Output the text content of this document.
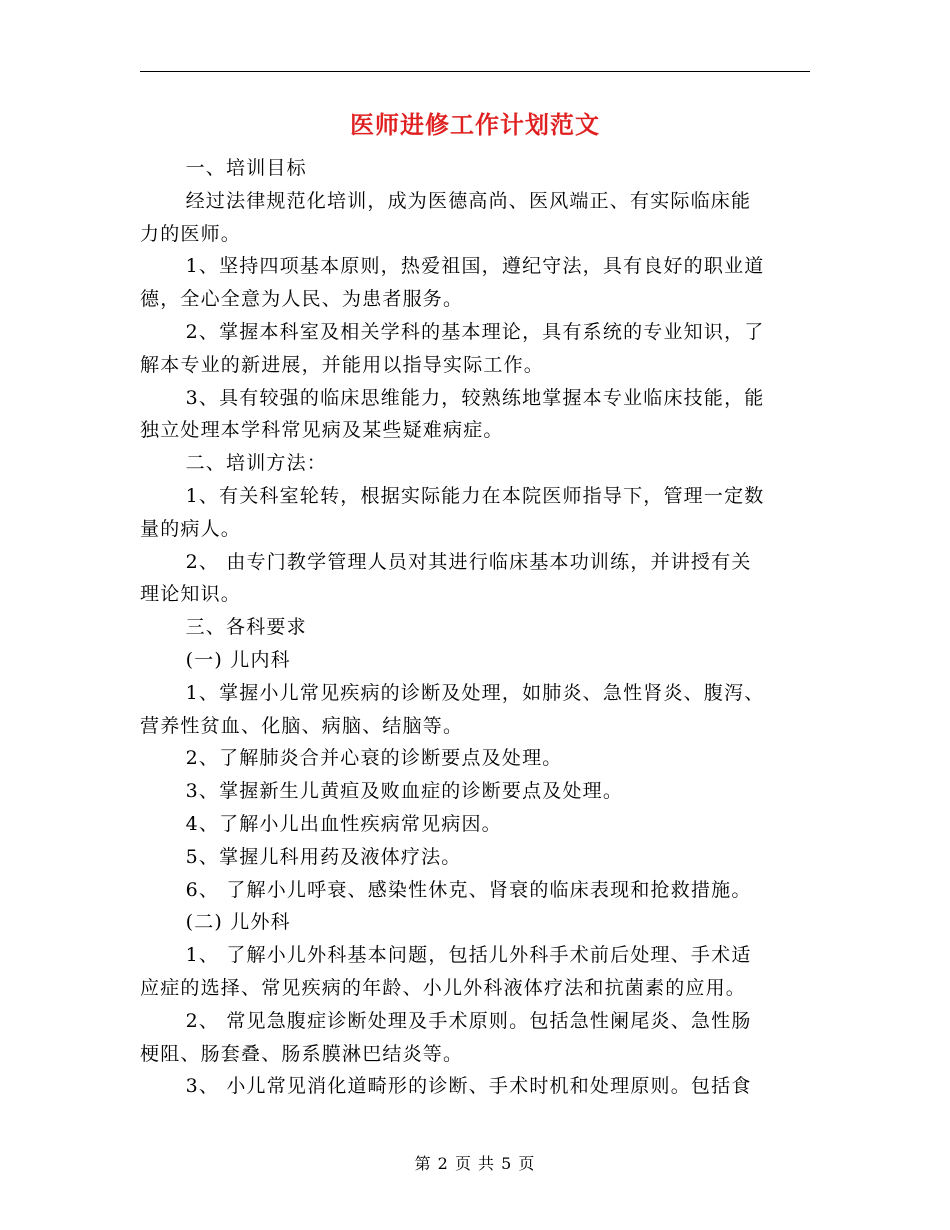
医师进修工作计划范文

一、培训目标

经过法律规范化培训，成为医德高尚、医风端正、有实际临床能

力的医师。

1、坚持四项基本原则，热爱祖国，遵纪守法，具有良好的职业道

德，全心全意为人民、为患者服务。

2、掌握本科室及相关学科的基本理论，具有系统的专业知识，了

解本专业的新进展，并能用以指导实际工作。

3、具有较强的临床思维能力，较熟练地掌握本专业临床技能，能

独立处理本学科常见病及某些疑难病症。

二、培训方法：

1、有关科室轮转，根据实际能力在本院医师指导下，管理一定数

量的病人。

2、 由专门教学管理人员对其进行临床基本功训练，并讲授有关

理论知识。

三、各科要求

(一) 儿内科

1、掌握小儿常见疾病的诊断及处理，如肺炎、急性肾炎、腹泻、

营养性贫血、化脑、病脑、结脑等。

2、了解肺炎合并心衰的诊断要点及处理。

3、掌握新生儿黄疸及败血症的诊断要点及处理。

4、了解小儿出血性疾病常见病因。

5、掌握儿科用药及液体疗法。

6、 了解小儿呼衰、感染性休克、肾衰的临床表现和抢救措施。

(二) 儿外科

1、 了解小儿外科基本问题，包括儿外科手术前后处理、手术适

应症的选择、常见疾病的年龄、小儿外科液体疗法和抗菌素的应用。

2、 常见急腹症诊断处理及手术原则。包括急性阑尾炎、急性肠

梗阻、肠套叠、肠系膜淋巴结炎等。

3、 小儿常见消化道畸形的诊断、手术时机和处理原则。包括食

第 2 页 共 5 页
